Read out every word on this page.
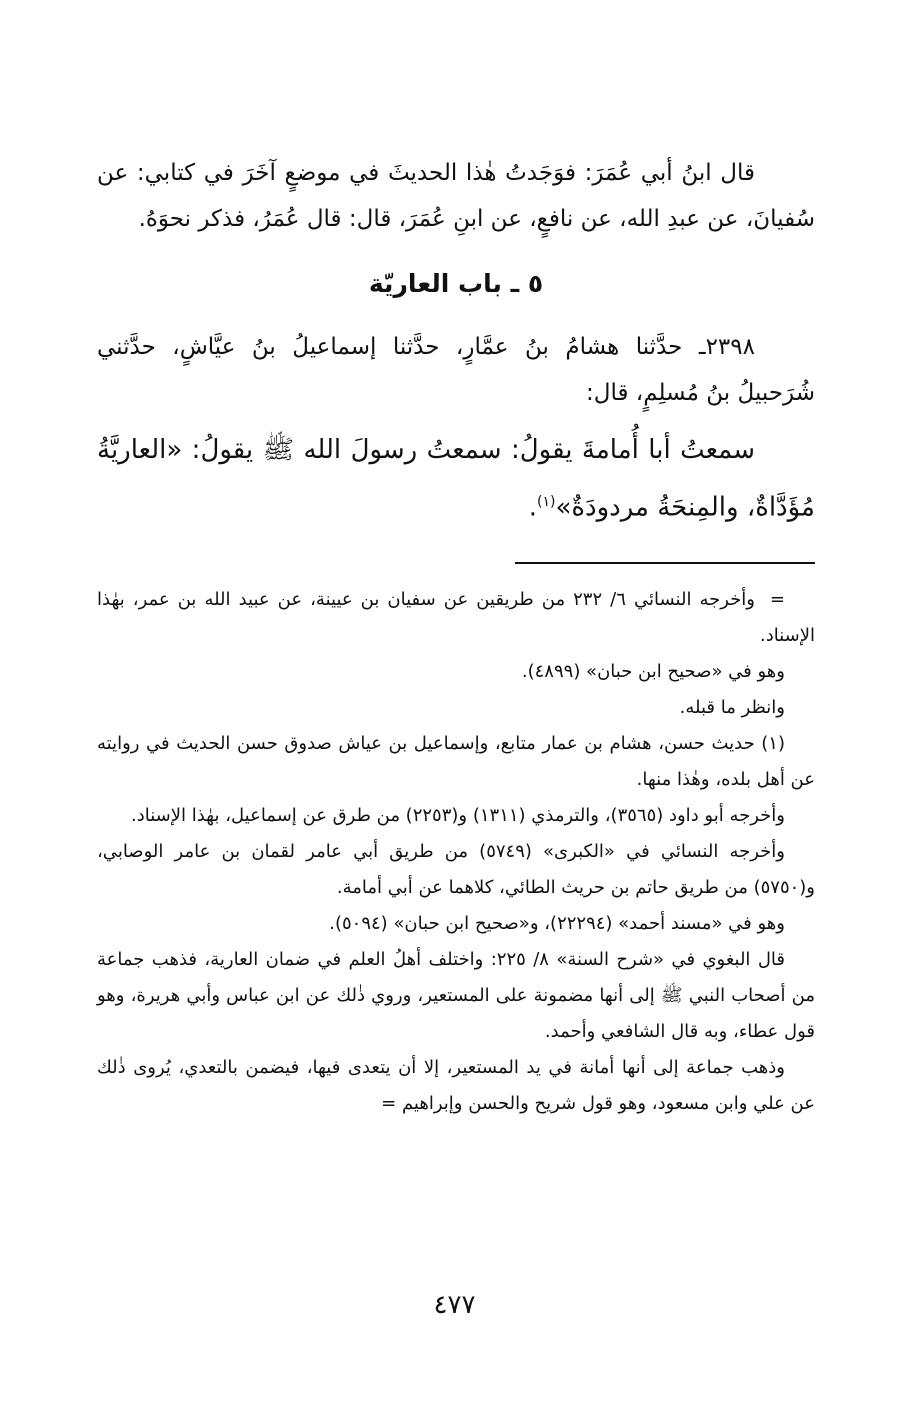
قال ابنُ أبي عُمَرَ: فوَجَدتُ هٰذا الحديثَ في موضعٍ آخَرَ في كتابي: عن سُفيانَ، عن عبدِ الله، عن نافعٍ، عن ابنِ عُمَرَ، قال: قال عُمَرُ، فذكر نحوَهُ.

٥ ـ باب العاريّة

٢٣٩٨ـ حدَّثنا هشامُ بنُ عمَّارٍ، حدَّثنا إسماعيلُ بنُ عيَّاشٍ، حدَّثني شُرَحبيلُ بنُ مُسلِمٍ، قال:

سمعتُ أبا أُمامةَ يقولُ: سمعتُ رسولَ الله ﷺ يقولُ: «العاريَّةُ مُؤَدَّاةٌ، والمِنحَةُ مردودَةٌ»$^{(١)}$.

=وأخرجه النسائي ٦/ ٢٣٢ من طريقين عن سفيان بن عيينة، عن عبيد الله بن عمر، بهٰذا الإسناد.

وهو في «صحيح ابن حبان» (٤٨٩٩).

وانظر ما قبله.

(١) حديث حسن، هشام بن عمار متابع، وإسماعيل بن عياش صدوق حسن الحديث في روايته عن أهل بلده، وهٰذا منها.

وأخرجه أبو داود (٣٥٦٥)، والترمذي (١٣١١) و(٢٢٥٣) من طرق عن إسماعيل، بهٰذا الإسناد.

وأخرجه النسائي في «الكبرى» (٥٧٤٩) من طريق أبي عامر لقمان بن عامر الوصابي، و(٥٧٥٠) من طريق حاتم بن حريث الطائي، كلاهما عن أبي أمامة.

وهو في «مسند أحمد» (٢٢٢٩٤)، و«صحيح ابن حبان» (٥٠٩٤).

قال البغوي في «شرح السنة» ٨/ ٢٢٥: واختلف أهلُ العلم في ضمان العارية، فذهب جماعة من أصحاب النبي ﷺ إلى أنها مضمونة على المستعير، وروي ذٰلك عن ابن عباس وأبي هريرة، وهو قول عطاء، وبه قال الشافعي وأحمد.

وذهب جماعة إلى أنها أمانة في يد المستعير، إلا أن يتعدى فيها، فيضمن بالتعدي، يُروى ذٰلك عن علي وابن مسعود، وهو قول شريح والحسن وإبراهيم =

٤٧٧
